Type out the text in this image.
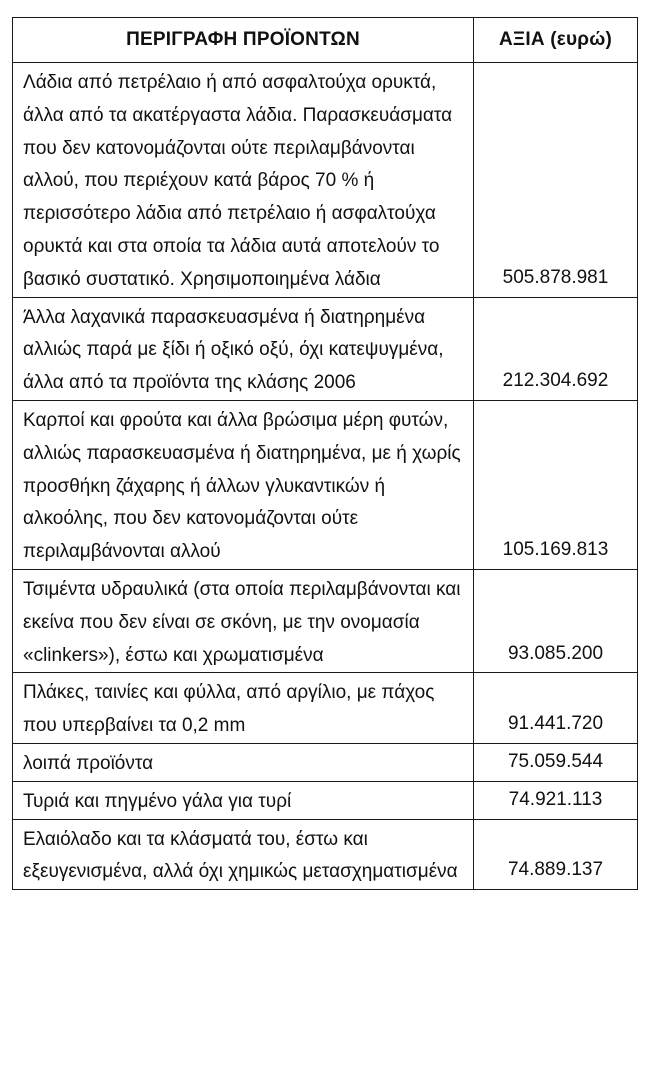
ΠΕΡΙΓΡΑΦΗ ΠΡΟΪΟΝΤΩΝ	ΑΞΙΑ (ευρώ)
Λάδια από πετρέλαιο ή από ασφαλτούχα ορυκτά, άλλα από τα ακατέργαστα λάδια. Παρασκευάσματα που δεν κατονομάζονται ούτε περιλαμβάνονται αλλού, που περιέχουν κατά βάρος 70 % ή περισσότερο λάδια από πετρέλαιο ή ασφαλτούχα ορυκτά και στα οποία τα λάδια αυτά αποτελούν το βασικό συστατικό. Χρησιμοποιημένα λάδια	505.878.981
Άλλα λαχανικά παρασκευασμένα ή διατηρημένα αλλιώς παρά με ξίδι ή οξικό οξύ, όχι κατεψυγμένα, άλλα από τα προϊόντα της κλάσης 2006	212.304.692
Καρποί και φρούτα και άλλα βρώσιμα μέρη φυτών, αλλιώς παρασκευασμένα ή διατηρημένα, με ή χωρίς προσθήκη ζάχαρης ή άλλων γλυκαντικών ή αλκοόλης, που δεν κατονομάζονται ούτε περιλαμβάνονται αλλού	105.169.813
Τσιμέντα υδραυλικά (στα οποία περιλαμβάνονται και εκείνα που δεν είναι σε σκόνη, με την ονομασία «clinkers»), έστω και χρωματισμένα	93.085.200
Πλάκες, ταινίες και φύλλα, από αργίλιο, με πάχος που υπερβαίνει τα 0,2 mm	91.441.720
λοιπά προϊόντα	75.059.544
Τυριά και πηγμένο γάλα για τυρί	74.921.113
Ελαιόλαδο και τα κλάσματά του, έστω και εξευγενισμένα, αλλά όχι χημικώς μετασχηματισμένα	74.889.137
